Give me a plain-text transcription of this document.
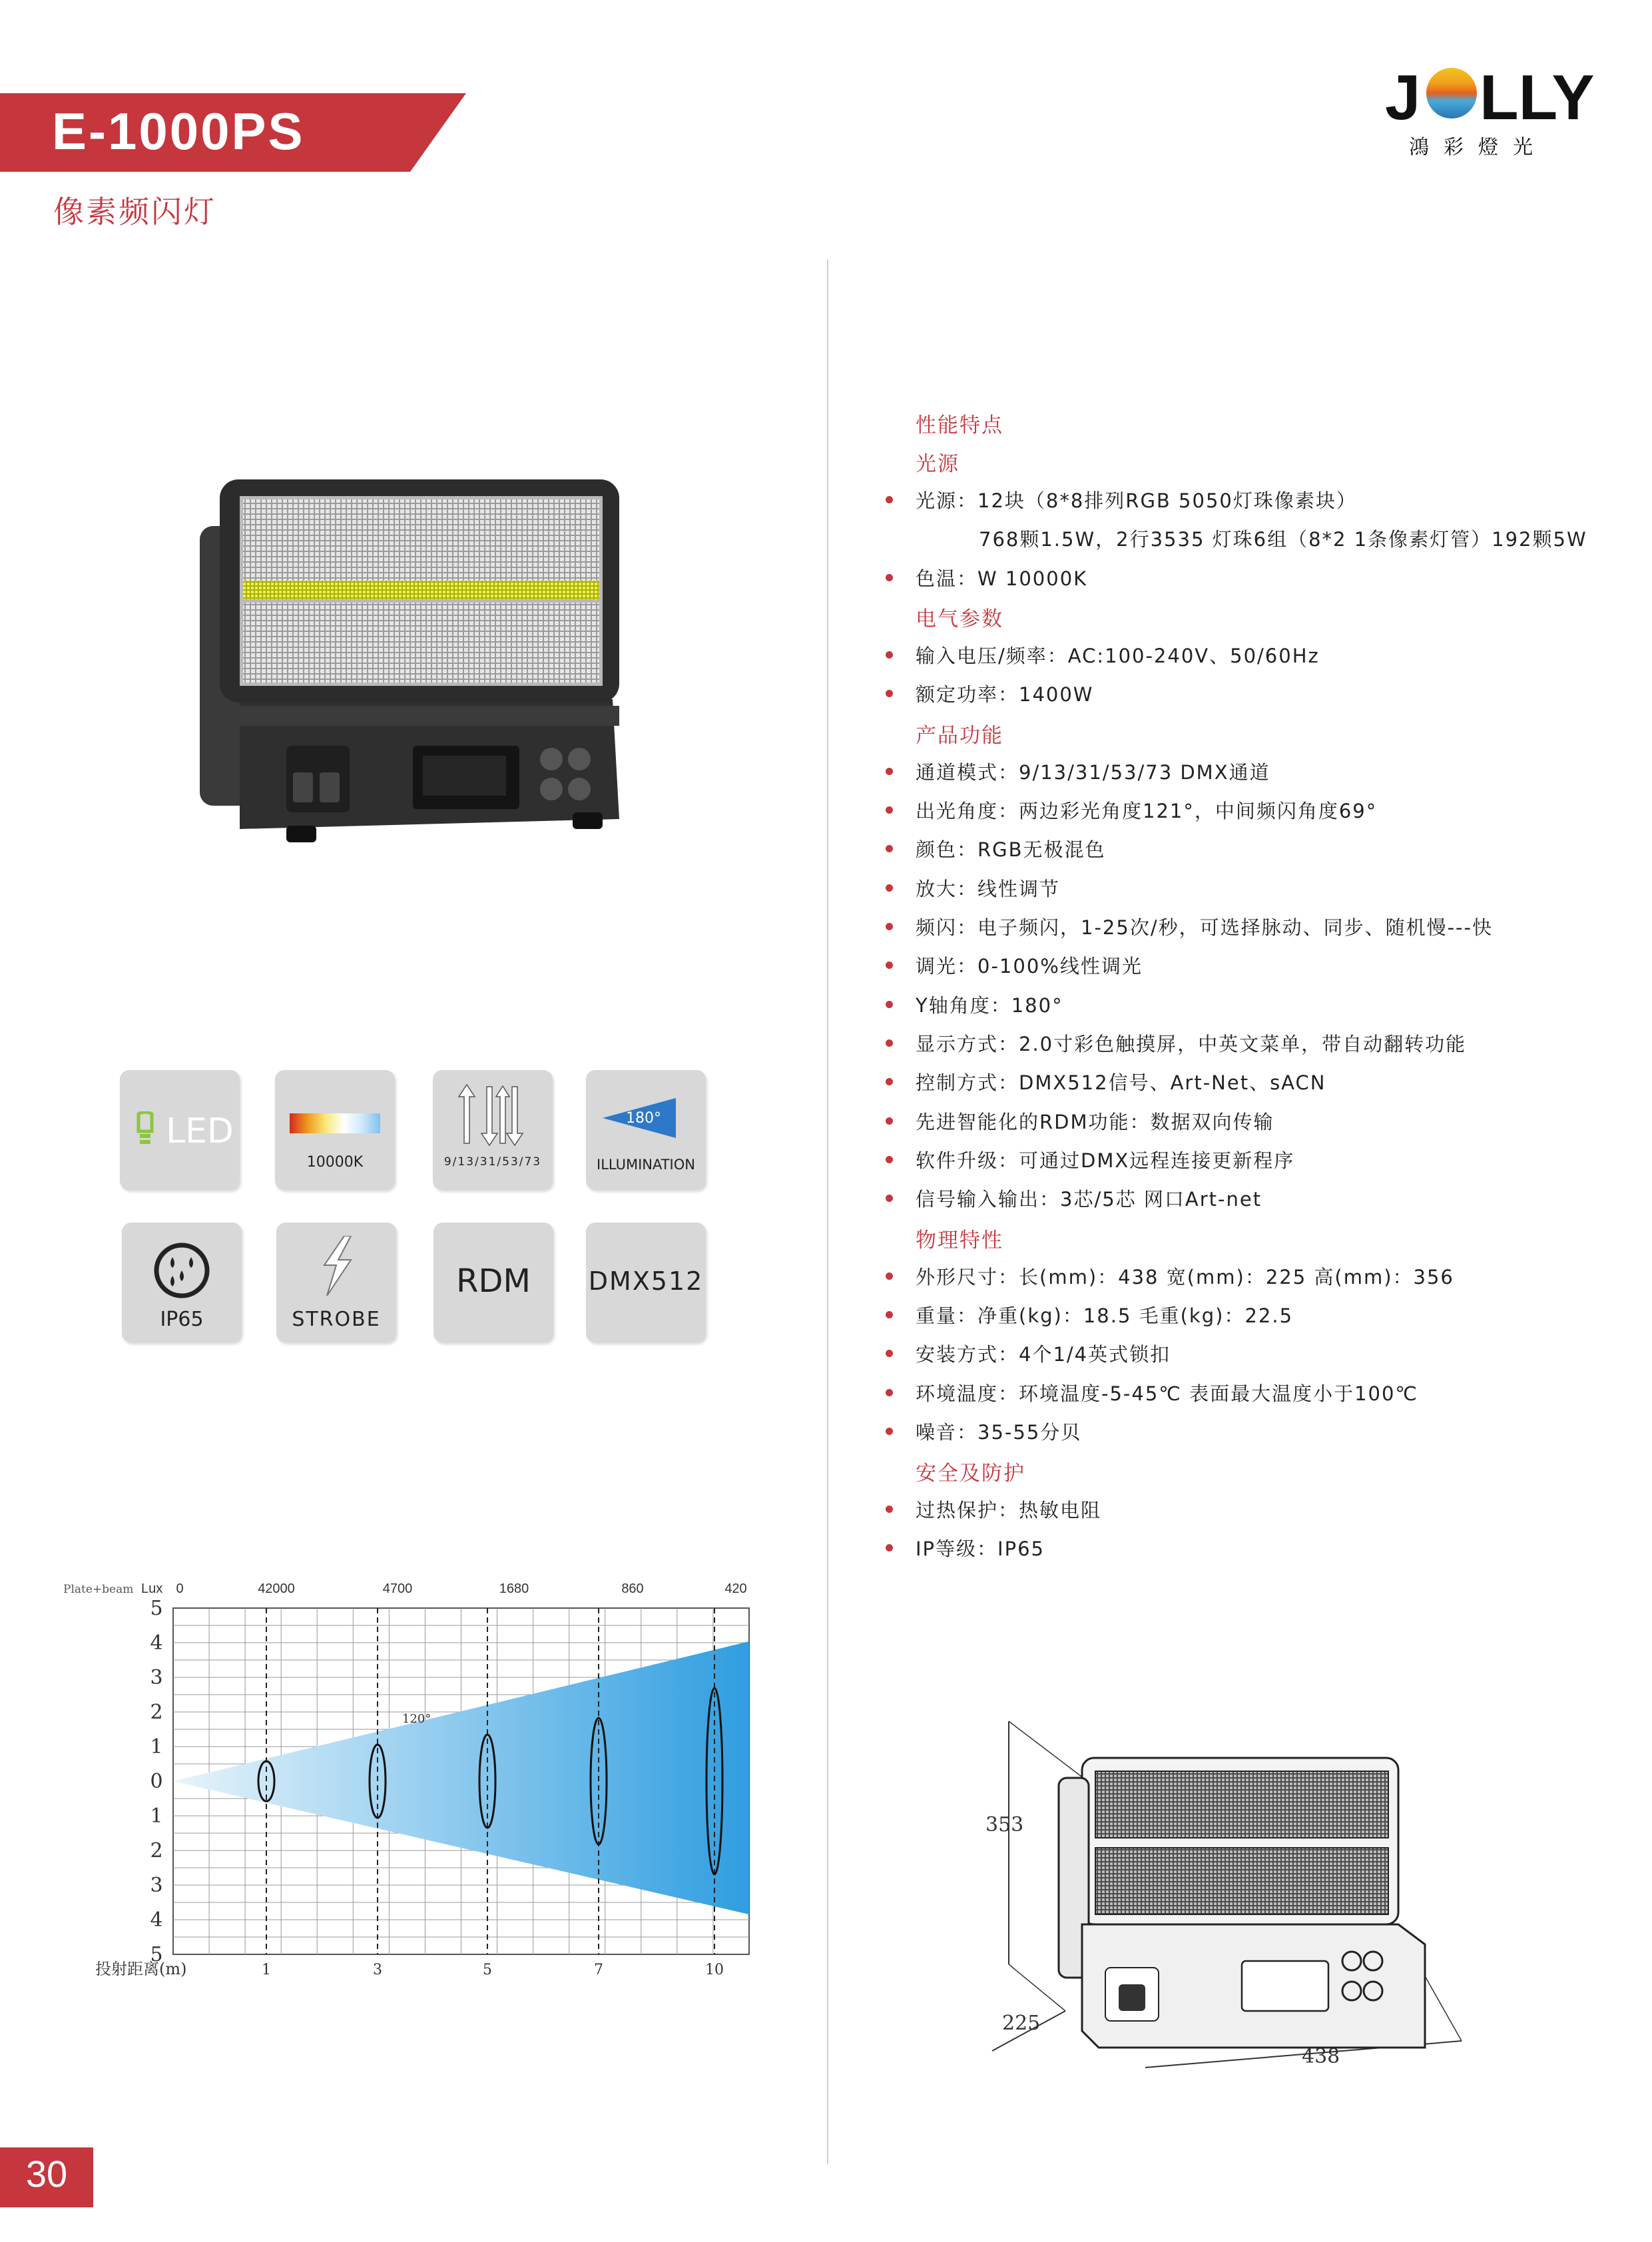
E-1000PS
像素频闪灯
J LLY
鴻彩燈光
LED
10000K	9/13/31/53/73
180°
ILLUMINATION
IP65	STROBE
RDM	DMX512
性能特点
光源
光源：12块（8*8排列RGB 5050灯珠像素块）
768颗1.5W，2行3535 灯珠6组（8*2 1条像素灯管）192颗5W
色温：W 10000K
电气参数
输入电压/频率：AC:100-240V、50/60Hz
额定功率：1400W
产品功能
通道模式：9/13/31/53/73 DMX通道
出光角度：两边彩光角度121°，中间频闪角度69°
颜色：RGB无极混色
放大：线性调节
频闪：电子频闪，1-25次/秒，可选择脉动、同步、随机慢---快
调光：0-100%线性调光
Y轴角度：180°
显示方式：2.0寸彩色触摸屏，中英文菜单，带自动翻转功能
控制方式：DMX512信号、Art-Net、sACN
先进智能化的RDM功能：数据双向传输
软件升级：可通过DMX远程连接更新程序
信号输入输出：3芯/5芯 网口Art-net
物理特性
外形尺寸：长(mm)：438 宽(mm)：225 高(mm)：356
重量：净重(kg)：18.5 毛重(kg)：22.5
安装方式：4个1/4英式锁扣
环境温度：环境温度-5-45℃ 表面最大温度小于100℃
噪音：35-55分贝
安全及防护
过热保护：热敏电阻
IP等级：IP65
Plate+beam Lux 0	42000	4700	1680	860	420
5
4
3
2
1
0
1
2
3
4
5
1	3	5	7	10
投射距离(m)
120°
353
225
438
30
